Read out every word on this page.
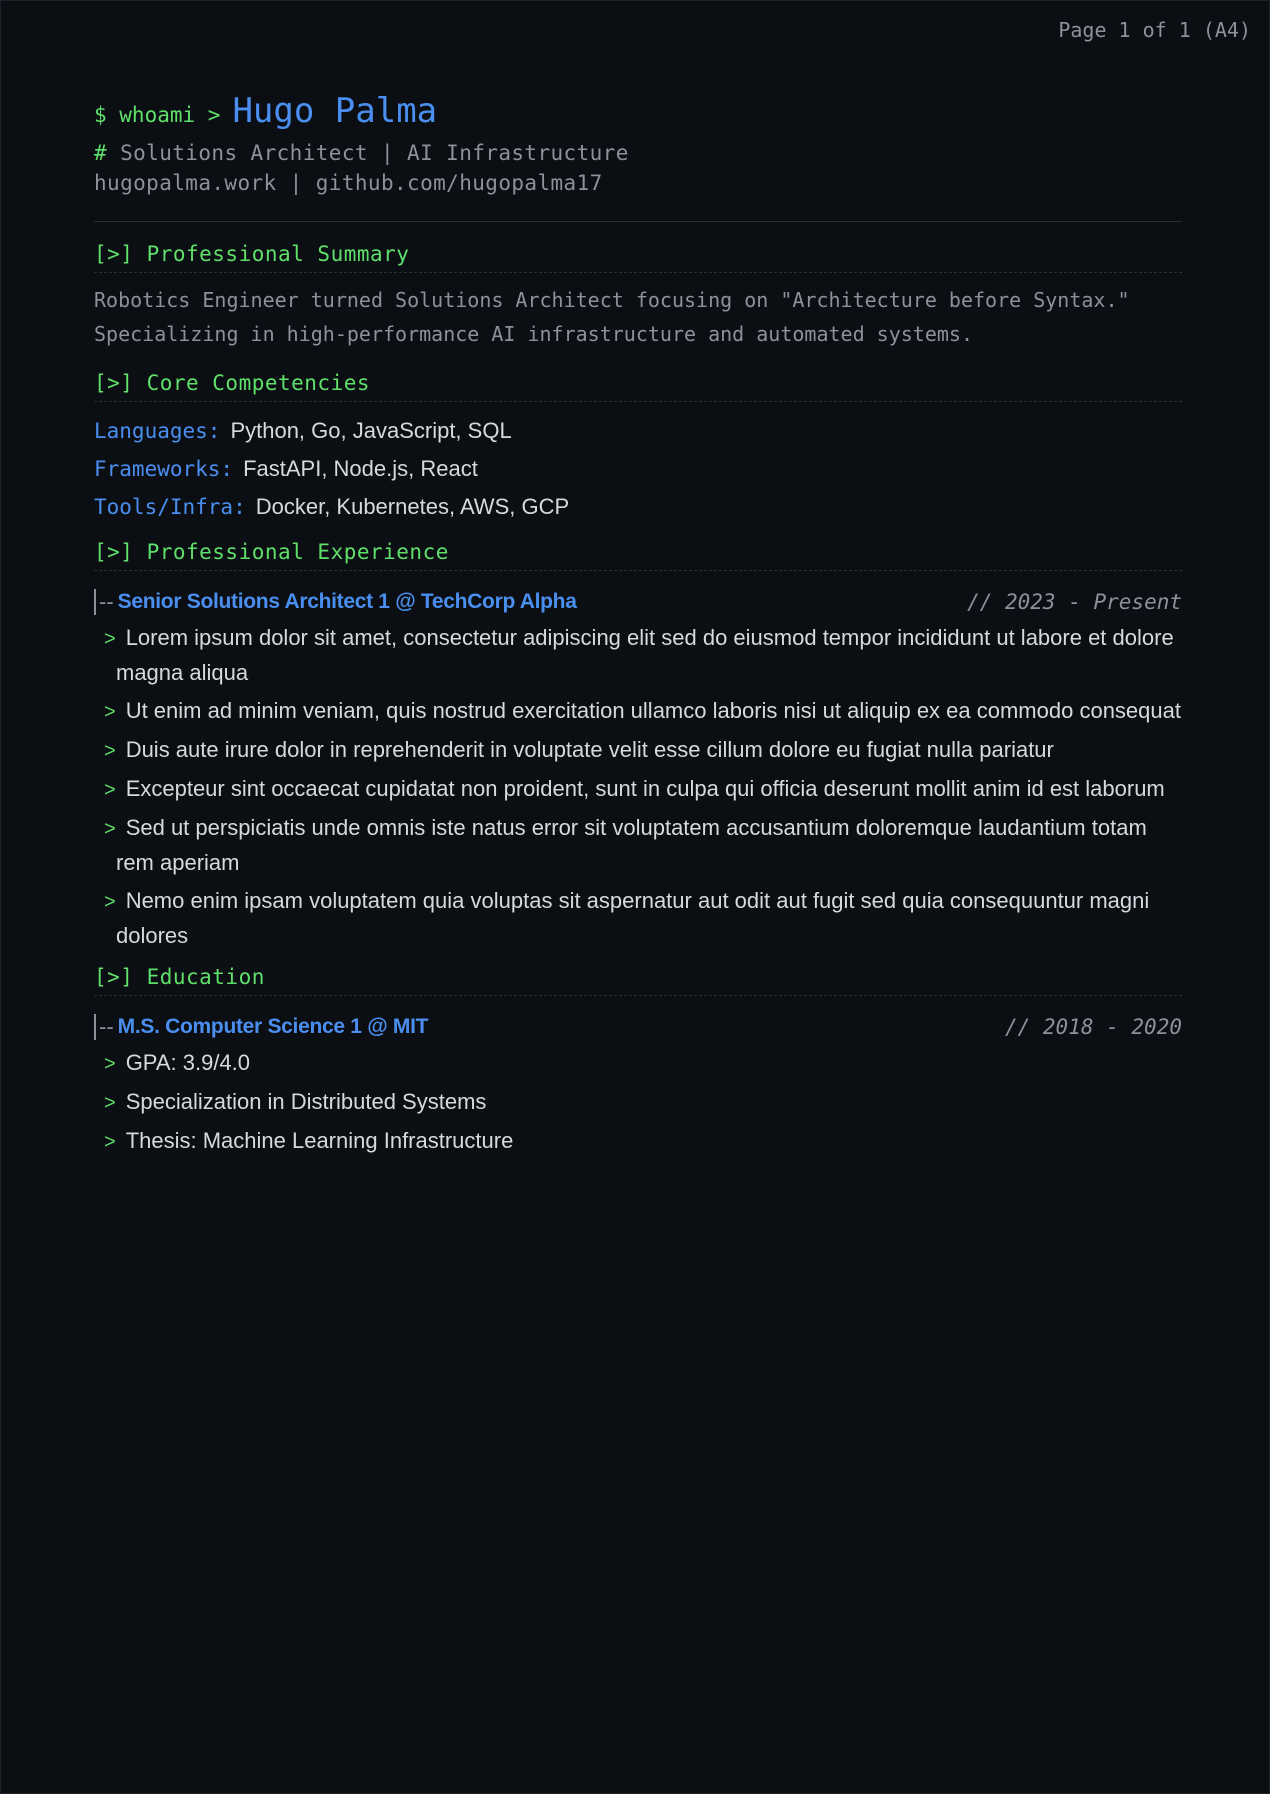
Page 1 of 1 (A4)
$ whoami > Hugo Palma
# Solutions Architect | AI Infrastructure
hugopalma.work | github.com/hugopalma17
[>] Professional Summary
Robotics Engineer turned Solutions Architect focusing on "Architecture before Syntax." Specializing in high-performance AI infrastructure and automated systems.
[>] Core Competencies
Languages: Python, Go, JavaScript, SQL
Frameworks: FastAPI, Node.js, React
Tools/Infra: Docker, Kubernetes, AWS, GCP
[>] Professional Experience
-- Senior Solutions Architect 1 @ TechCorp Alpha	// 2023 - Present
> Lorem ipsum dolor sit amet, consectetur adipiscing elit sed do eiusmod tempor incididunt ut labore et dolore magna aliqua
> Ut enim ad minim veniam, quis nostrud exercitation ullamco laboris nisi ut aliquip ex ea commodo consequat
> Duis aute irure dolor in reprehenderit in voluptate velit esse cillum dolore eu fugiat nulla pariatur
> Excepteur sint occaecat cupidatat non proident, sunt in culpa qui officia deserunt mollit anim id est laborum
> Sed ut perspiciatis unde omnis iste natus error sit voluptatem accusantium doloremque laudantium totam rem aperiam
> Nemo enim ipsam voluptatem quia voluptas sit aspernatur aut odit aut fugit sed quia consequuntur magni dolores
[>] Education
-- M.S. Computer Science 1 @ MIT	// 2018 - 2020
> GPA: 3.9/4.0
> Specialization in Distributed Systems
> Thesis: Machine Learning Infrastructure
